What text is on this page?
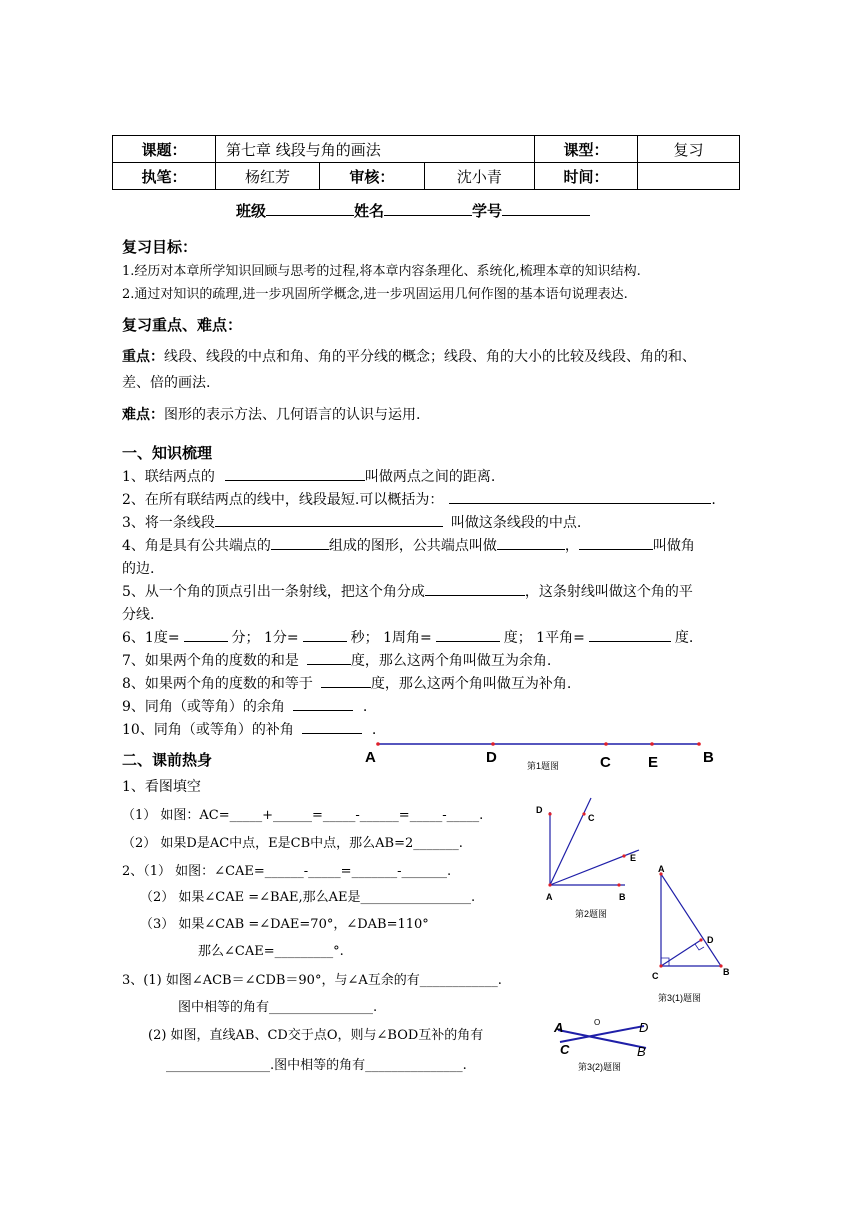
课题：	第七章 线段与角的画法			课型：	复习
执笔：	杨红芳	审核：	沈小青	时间：	
班级	姓名	学号
复习目标：
1.经历对本章所学知识回顾与思考的过程,将本章内容条理化、系统化,梳理本章的知识结构.
2.通过对知识的疏理,进一步巩固所学概念,进一步巩固运用几何作图的基本语句说理表达.
复习重点、难点：
重点：线段、线段的中点和角、角的平分线的概念；线段、角的大小的比较及线段、角的和、
差、倍的画法.
难点：图形的表示方法、几何语言的认识与运用.
一、知识梳理
1、联结两点的	叫做两点之间的距离.
2、在所有联结两点的线中，线段最短.可以概括为：	.
3、将一条线段	叫做这条线段的中点.
4、角是具有公共端点的	组成的图形，公共端点叫做	，	叫做角
的边.
5、从一个角的顶点引出一条射线，把这个角分成	，这条射线叫做这个角的平
分线.
6、1度=	分； 1分=	秒； 1周角=	度； 1平角=	度.
7、如果两个角的度数的和是	度，那么这两个角叫做互为余角.
8、如果两个角的度数的和等于	度，那么这两个角叫做互为补角.
9、同角（或等角）的余角	.
10、同角（或等角）的补角	.
二、课前热身
1、看图填空
（1） 如图：AC=_____+______=_____-______=_____-_____.
（2） 如果D是AC中点，E是CB中点，那么AB=2_______.
2、（1） 如图：∠CAE=______-_____=_______-_______.
（2） 如果∠CAE =∠BAE,那么AE是_________________.
（3） 如果∠CAB =∠DAE=70°，∠DAB=110°
那么∠CAE=_________°.
3、(1) 如图∠ACB＝∠CDB＝90°，与∠A互余的有____________.
图中相等的角有________________.
(2) 如图，直线AB、CD交于点O，则与∠BOD互补的角有
________________.图中相等的角有_______________.
A	D	C E	B
第1题图
D
C
E
A	B
第2题图
A
D
C	B
第3(1)题图
A	D
O
C	B
第3(2)题图
